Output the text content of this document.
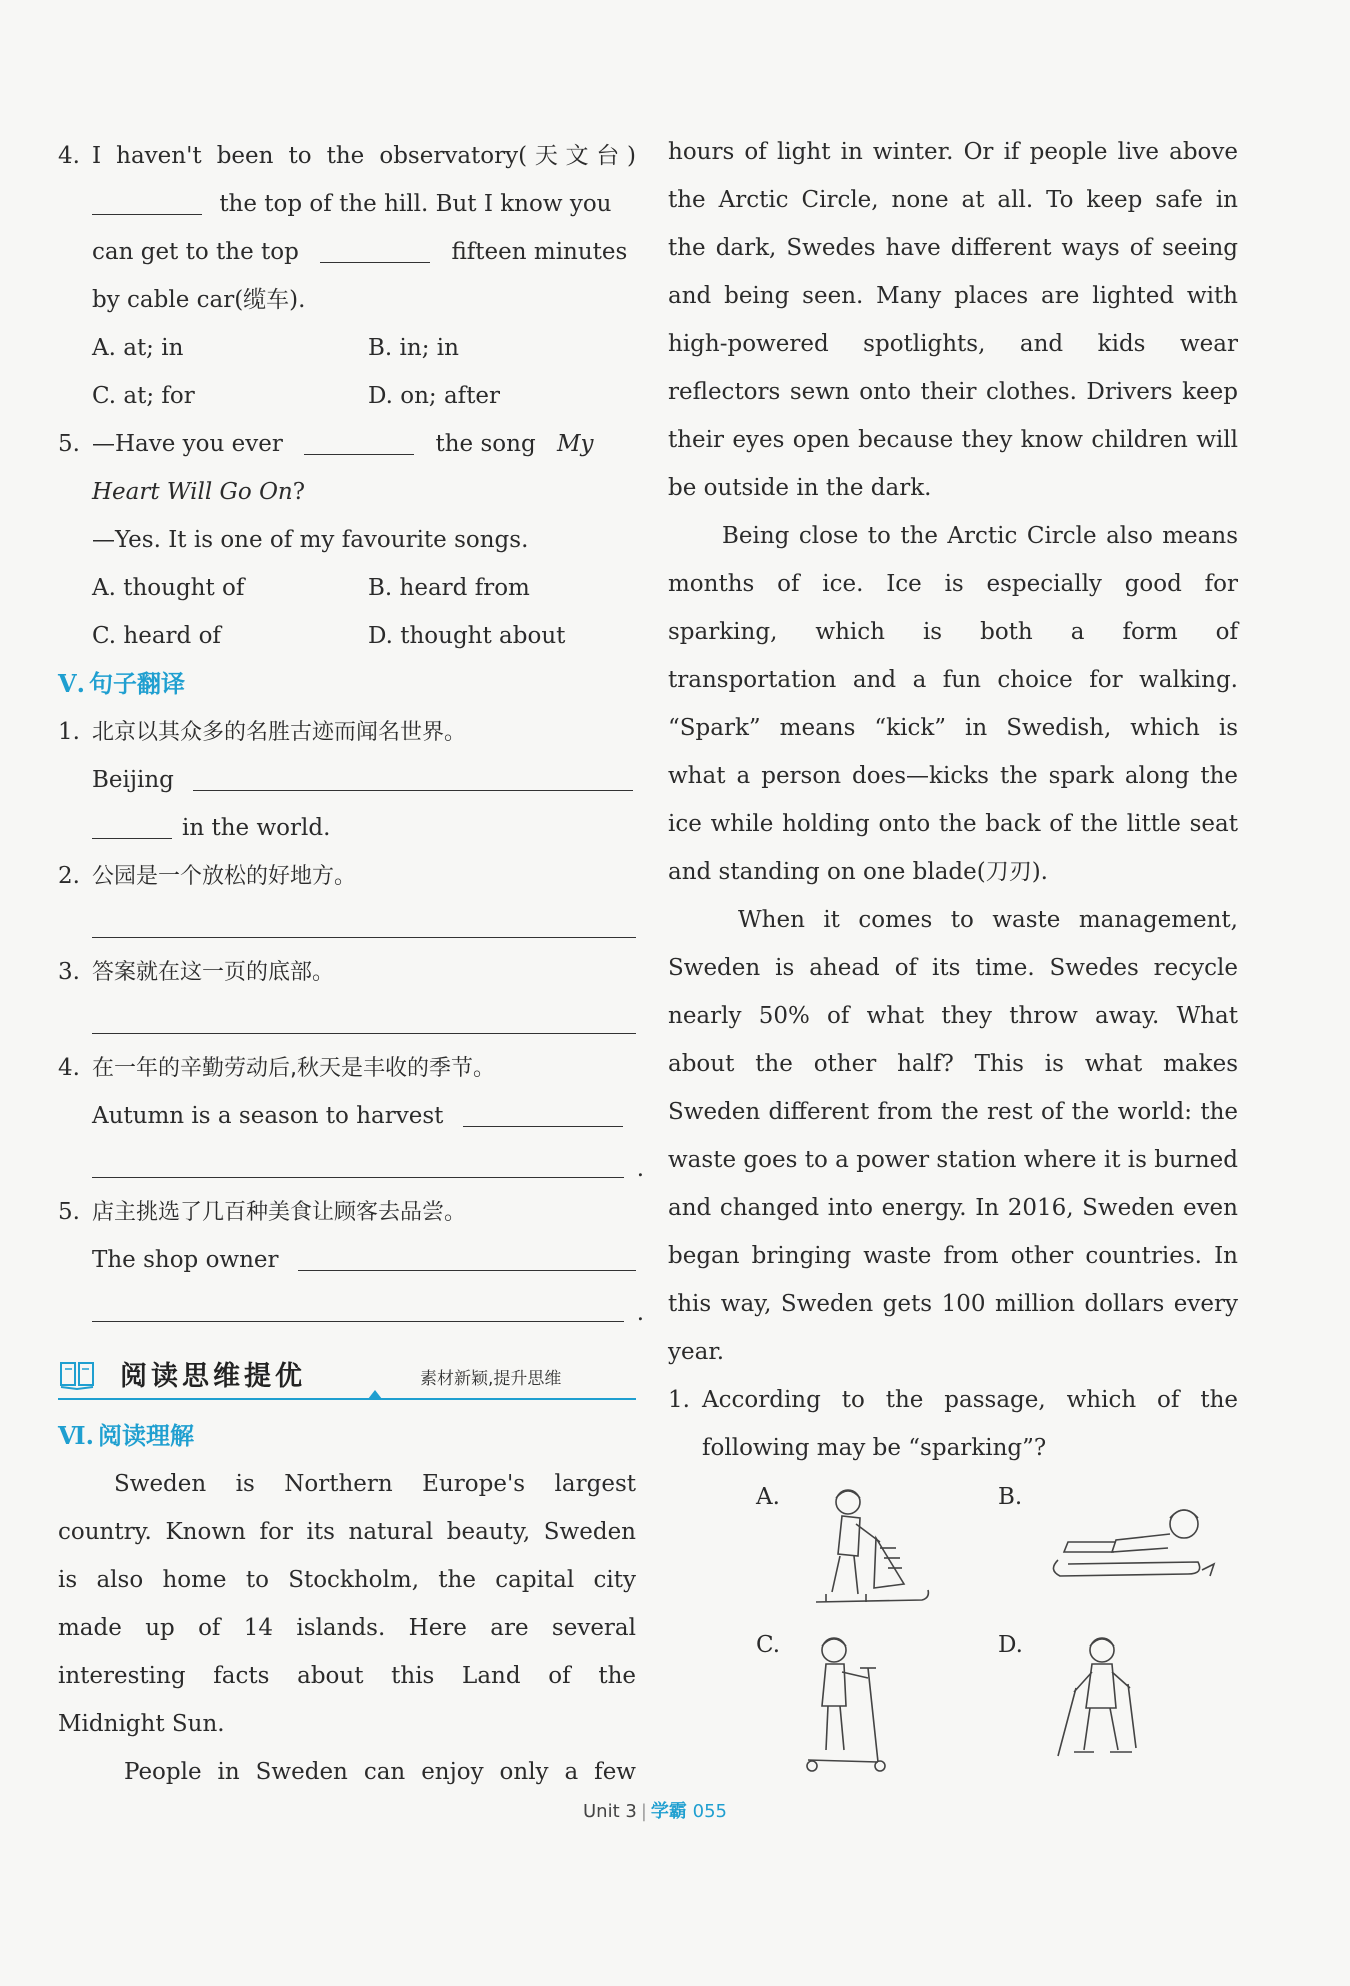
4. I haven't been to the observatory(天文台)
the top of the hill. But I know you
can get to the top	fifteen minutes
by cable car(缆车).
A. at; in	B. in; in
C. at; for	D. on; after
5. —Have you ever	the song My
Heart Will Go On?
—Yes. It is one of my favourite songs.
A. thought of	B. heard from
C. heard of	D. thought about
Ⅴ. 句子翻译
1. 北京以其众多的名胜古迹而闻名世界。
Beijing
in the world.
2. 公园是一个放松的好地方。
3. 答案就在这一页的底部。
4. 在一年的辛勤劳动后,秋天是丰收的季节。
Autumn is a season to harvest
.
5. 店主挑选了几百种美食让顾客去品尝。
The shop owner
.
阅读思维提优	素材新颖,提升思维
Ⅵ. 阅读理解
Sweden is Northern Europe's largest
country. Known for its natural beauty, Sweden
is also home to Stockholm, the capital city
made up of 14 islands. Here are several
interesting facts about this Land of the
Midnight Sun.
People in Sweden can enjoy only a few
hours of light in winter. Or if people live above
the Arctic Circle, none at all. To keep safe in
the dark, Swedes have different ways of seeing
and being seen. Many places are lighted with
high-powered spotlights, and kids wear
reflectors sewn onto their clothes. Drivers keep
their eyes open because they know children will
be outside in the dark.
Being close to the Arctic Circle also means
months of ice. Ice is especially good for
sparking, which is both a form of
transportation and a fun choice for walking.
“Spark” means “kick” in Swedish, which is
what a person does—kicks the spark along the
ice while holding onto the back of the little seat
and standing on one blade(刀刃).
When it comes to waste management,
Sweden is ahead of its time. Swedes recycle
nearly 50% of what they throw away. What
about the other half? This is what makes
Sweden different from the rest of the world: the
waste goes to a power station where it is burned
and changed into energy. In 2016, Sweden even
began bringing waste from other countries. In
this way, Sweden gets 100 million dollars every
year.
1. According to the passage, which of the
following may be “sparking”?
A.	B.
C.	D.
Unit 3 | 学霸 055
